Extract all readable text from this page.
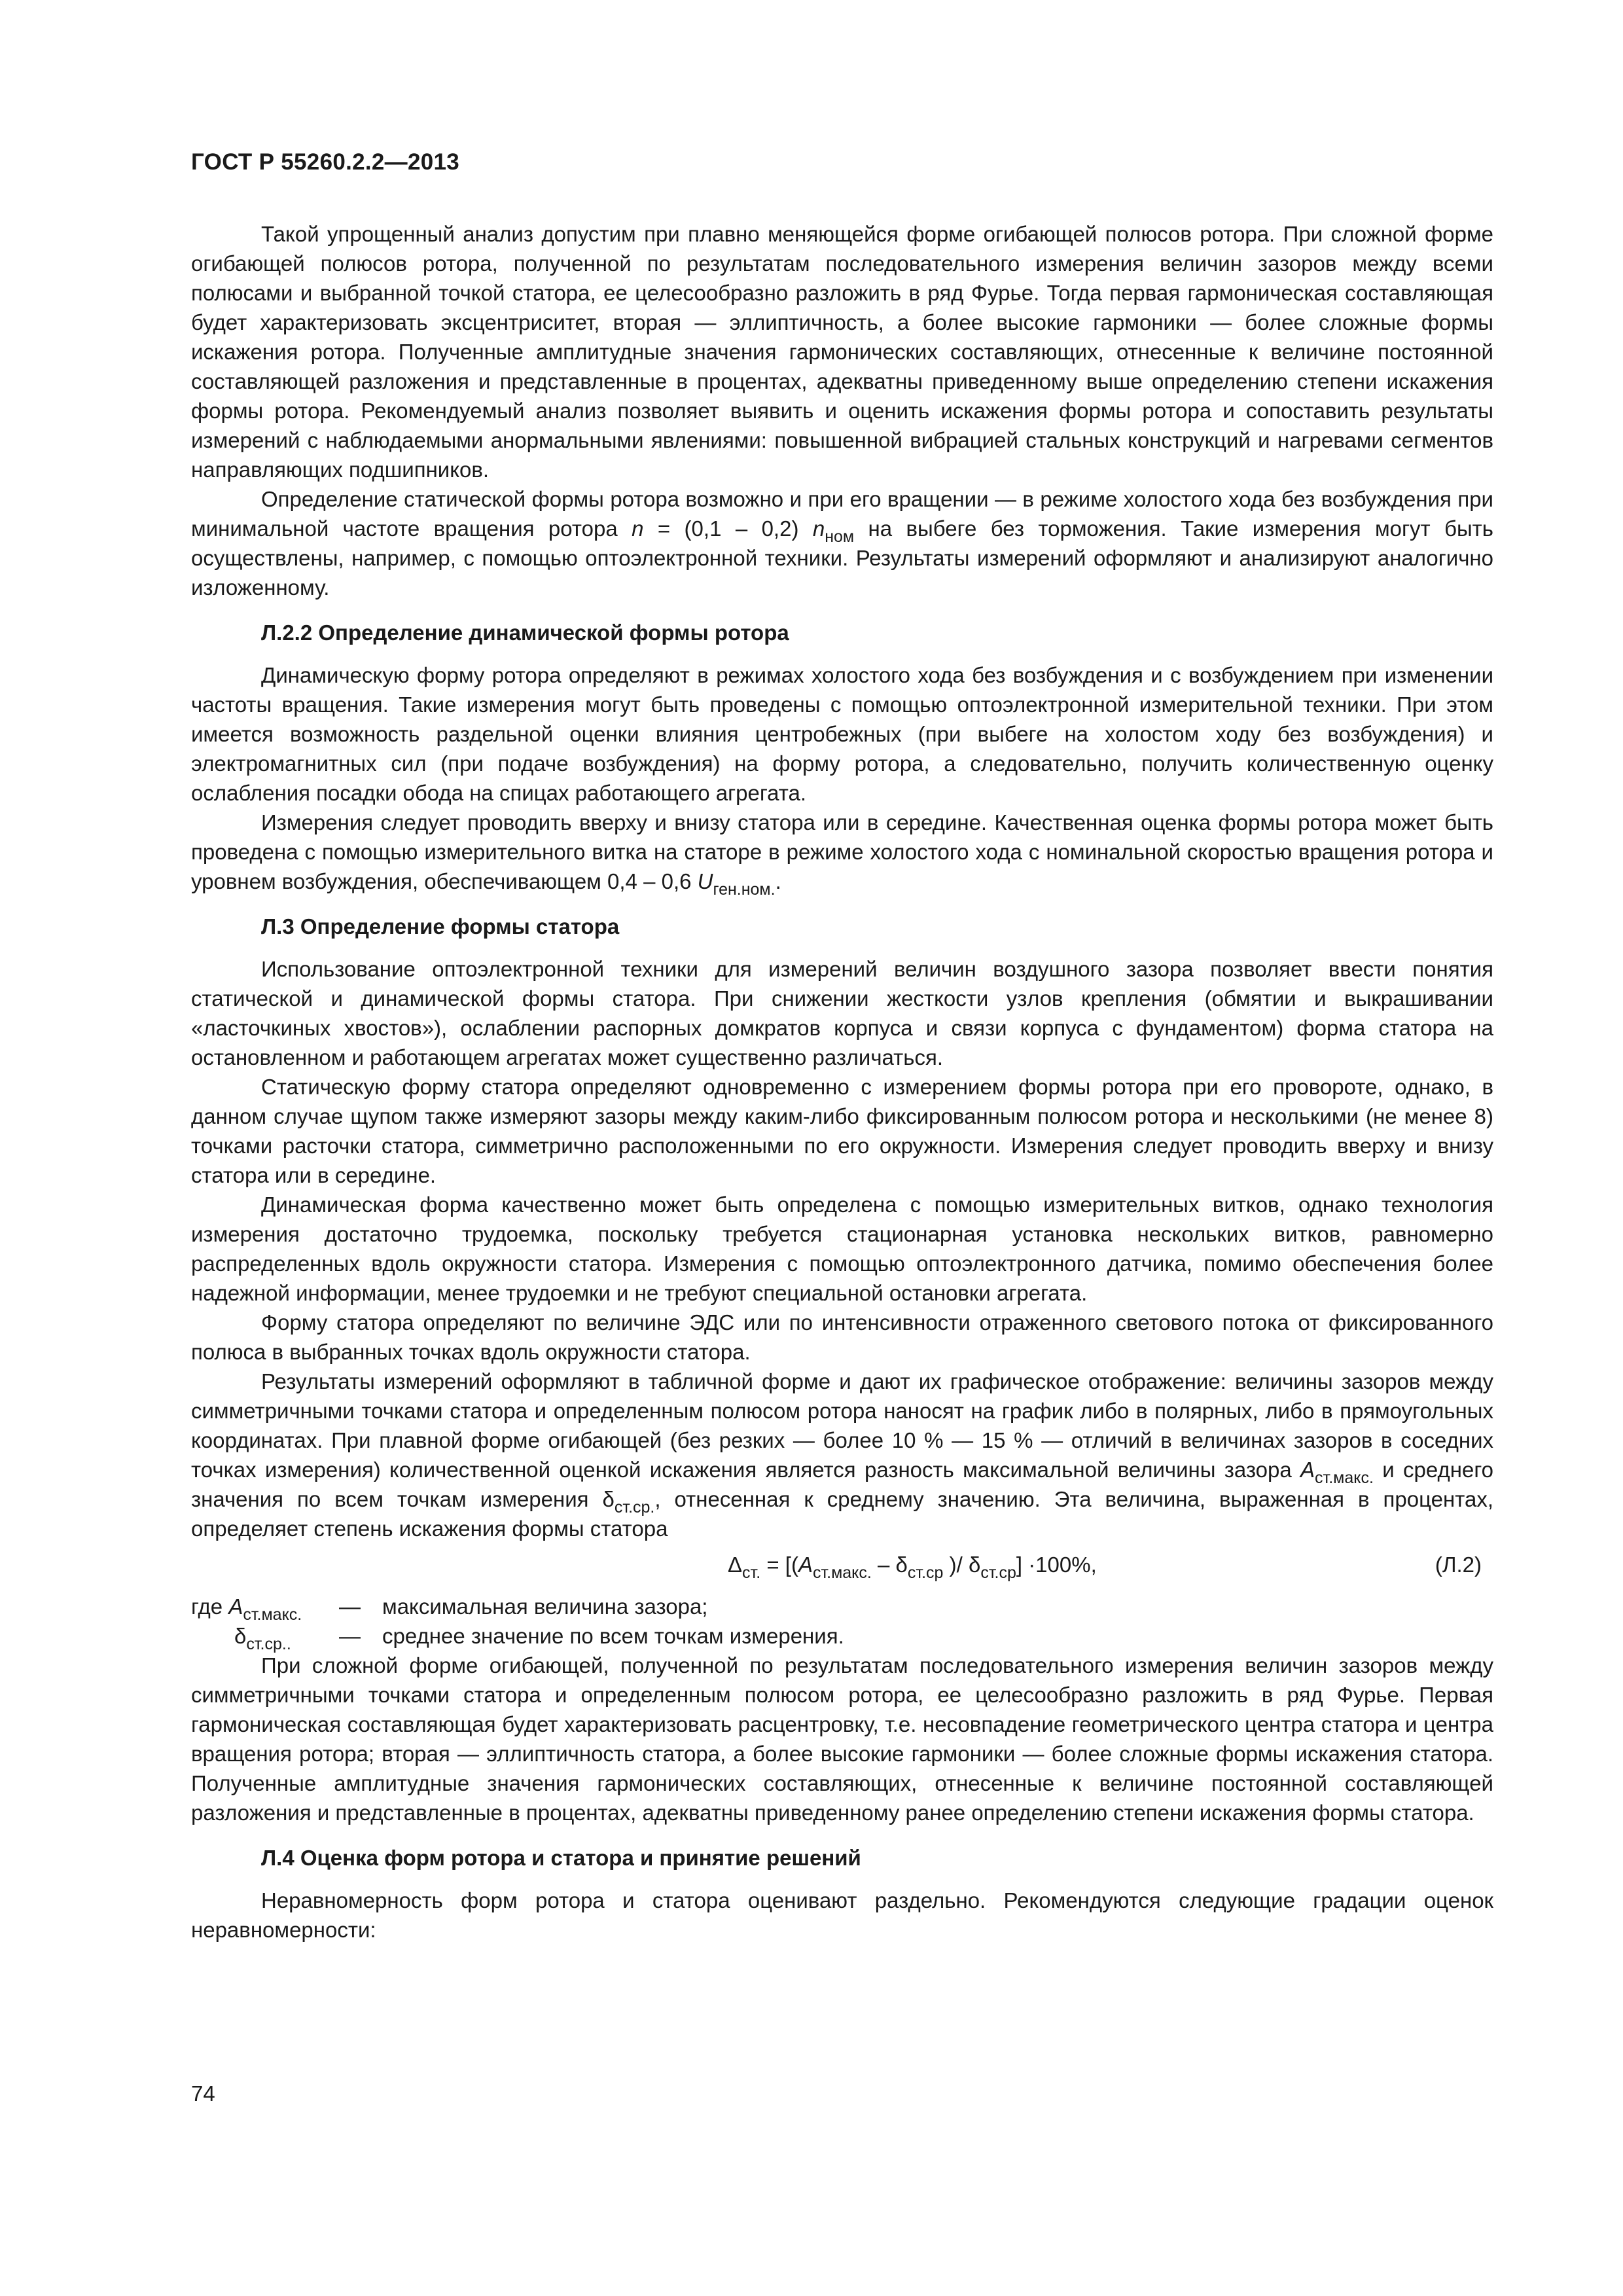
ГОСТ Р 55260.2.2—2013

Такой упрощенный анализ допустим при плавно меняющейся форме огибающей полюсов ротора. При сложной форме огибающей полюсов ротора, полученной по результатам последовательного измерения величин зазоров между всеми полюсами и выбранной точкой статора, ее целесообразно разложить в ряд Фурье. Тогда первая гармоническая составляющая будет характеризовать эксцентриситет, вторая — эллиптичность, а более высокие гармоники — более сложные формы искажения ротора. Полученные амплитудные значения гармонических составляющих, отнесенные к величине постоянной составляющей разложения и представленные в процентах, адекватны приведенному выше определению степени искажения формы ротора. Рекомендуемый анализ позволяет выявить и оценить искажения формы ротора и сопоставить результаты измерений с наблюдаемыми анормальными явлениями: повышенной вибрацией стальных конструкций и нагревами сегментов направляющих подшипников.

Определение статической формы ротора возможно и при его вращении — в режиме холостого хода без возбуждения при минимальной частоте вращения ротора n = (0,1 – 0,2) $n_{ном}$ на выбеге без торможения. Такие измерения могут быть осуществлены, например, с помощью оптоэлектронной техники. Результаты измерений оформляют и анализируют аналогично изложенному.

Л.2.2 Определение динамической формы ротора

Динамическую форму ротора определяют в режимах холостого хода без возбуждения и с возбуждением при изменении частоты вращения. Такие измерения могут быть проведены с помощью оптоэлектронной измерительной техники. При этом имеется возможность раздельной оценки влияния центробежных (при выбеге на холостом ходу без возбуждения) и электромагнитных сил (при подаче возбуждения) на форму ротора, а следовательно, получить количественную оценку ослабления посадки обода на спицах работающего агрегата.

Измерения следует проводить вверху и внизу статора или в середине. Качественная оценка формы ротора может быть проведена с помощью измерительного витка на статоре в режиме холостого хода с номинальной скоростью вращения ротора и уровнем возбуждения, обеспечивающем 0,4 – 0,6 $U_{ген.ном.}$.

Л.3 Определение формы статора

Использование оптоэлектронной техники для измерений величин воздушного зазора позволяет ввести понятия статической и динамической формы статора. При снижении жесткости узлов крепления (обмятии и выкрашивании «ласточкиных хвостов»), ослаблении распорных домкратов корпуса и связи корпуса с фундаментом) форма статора на остановленном и работающем агрегатах может существенно различаться.

Статическую форму статора определяют одновременно с измерением формы ротора при его провороте, однако, в данном случае щупом также измеряют зазоры между каким-либо фиксированным полюсом ротора и несколькими (не менее 8) точками расточки статора, симметрично расположенными по его окружности. Измерения следует проводить вверху и внизу статора или в середине.

Динамическая форма качественно может быть определена с помощью измерительных витков, однако технология измерения достаточно трудоемка, поскольку требуется стационарная установка нескольких витков, равномерно распределенных вдоль окружности статора. Измерения с помощью оптоэлектронного датчика, помимо обеспечения более надежной информации, менее трудоемки и не требуют специальной остановки агрегата.

Форму статора определяют по величине ЭДС или по интенсивности отраженного светового потока от фиксированного полюса в выбранных точках вдоль окружности статора.

Результаты измерений оформляют в табличной форме и дают их графическое отображение: величины зазоров между симметричными точками статора и определенным полюсом ротора наносят на график либо в полярных, либо в прямоугольных координатах. При плавной форме огибающей (без резких — более 10 % — 15 % — отличий в величинах зазоров в соседних точках измерения) количественной оценкой искажения является разность максимальной величины зазора $A_{ст.макс.}$ и среднего значения по всем точкам измерения $\delta_{ст.ср.}$, отнесенная к среднему значению. Эта величина, выраженная в процентах, определяет степень искажения формы статора

$\Delta_{ст.} = [(A_{ст.макс.} - \delta_{ст.ср}$ )/ $\delta_{ст.ср}] \cdot 100\%$,	(Л.2)
где $A_{ст.макс.}$ — максимальная величина зазора;
$\delta_{ст.ср..}$ — среднее значение по всем точкам измерения.

При сложной форме огибающей, полученной по результатам последовательного измерения величин зазоров между симметричными точками статора и определенным полюсом ротора, ее целесообразно разложить в ряд Фурье. Первая гармоническая составляющая будет характеризовать расцентровку, т.е. несовпадение геометрического центра статора и центра вращения ротора; вторая — эллиптичность статора, а более высокие гармоники — более сложные формы искажения статора. Полученные амплитудные значения гармонических составляющих, отнесенные к величине постоянной составляющей разложения и представленные в процентах, адекватны приведенному ранее определению степени искажения формы статора.

Л.4 Оценка форм ротора и статора и принятие решений

Неравномерность форм ротора и статора оценивают раздельно. Рекомендуются следующие градации оценок неравномерности:

74
